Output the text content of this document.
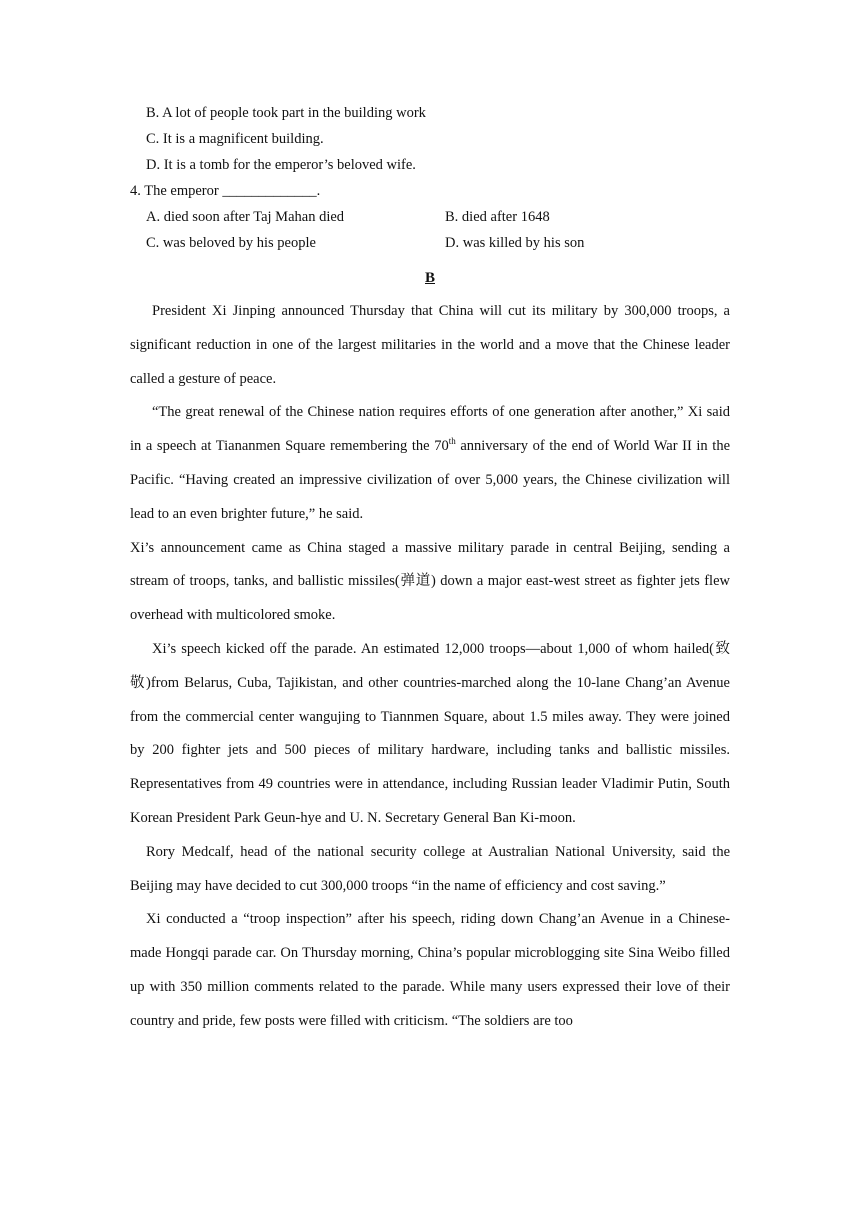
B. A lot of people took part in the building work
C. It is a magnificent building.
D. It is a tomb for the emperor’s beloved wife.
4. The emperor _____________.
A. died soon after Taj Mahan died	B. died after 1648
C. was beloved by his people	D. was killed by his son
B

President Xi Jinping announced Thursday that China will cut its military by 300,000 troops, a significant reduction in one of the largest militaries in the world and a move that the Chinese leader called a gesture of peace.

“The great renewal of the Chinese nation requires efforts of one generation after another,” Xi said in a speech at Tiananmen Square remembering the 70th anniversary of the end of World War II in the Pacific. “Having created an impressive civilization of over 5,000 years, the Chinese civilization will lead to an even brighter future,” he said.

Xi’s announcement came as China staged a massive military parade in central Beijing, sending a stream of troops, tanks, and ballistic missiles(弹道) down a major east-west street as fighter jets flew overhead with multicolored smoke.

Xi’s speech kicked off the parade. An estimated 12,000 troops—about 1,000 of whom hailed(致敬)from Belarus, Cuba, Tajikistan, and other countries-marched along the 10-lane Chang’an Avenue from the commercial center wangujing to Tiannmen Square, about 1.5 miles away. They were joined by 200 fighter jets and 500 pieces of military hardware, including tanks and ballistic missiles. Representatives from 49 countries were in attendance, including Russian leader Vladimir Putin, South Korean President Park Geun-hye and U. N. Secretary General Ban Ki-moon.

Rory Medcalf, head of the national security college at Australian National University, said the Beijing may have decided to cut 300,000 troops “in the name of efficiency and cost saving.”

Xi conducted a “troop inspection” after his speech, riding down Chang’an Avenue in a Chinese-made Hongqi parade car. On Thursday morning, China’s popular microblogging site Sina Weibo filled up with 350 million comments related to the parade. While many users expressed their love of their country and pride, few posts were filled with criticism. “The soldiers are too
